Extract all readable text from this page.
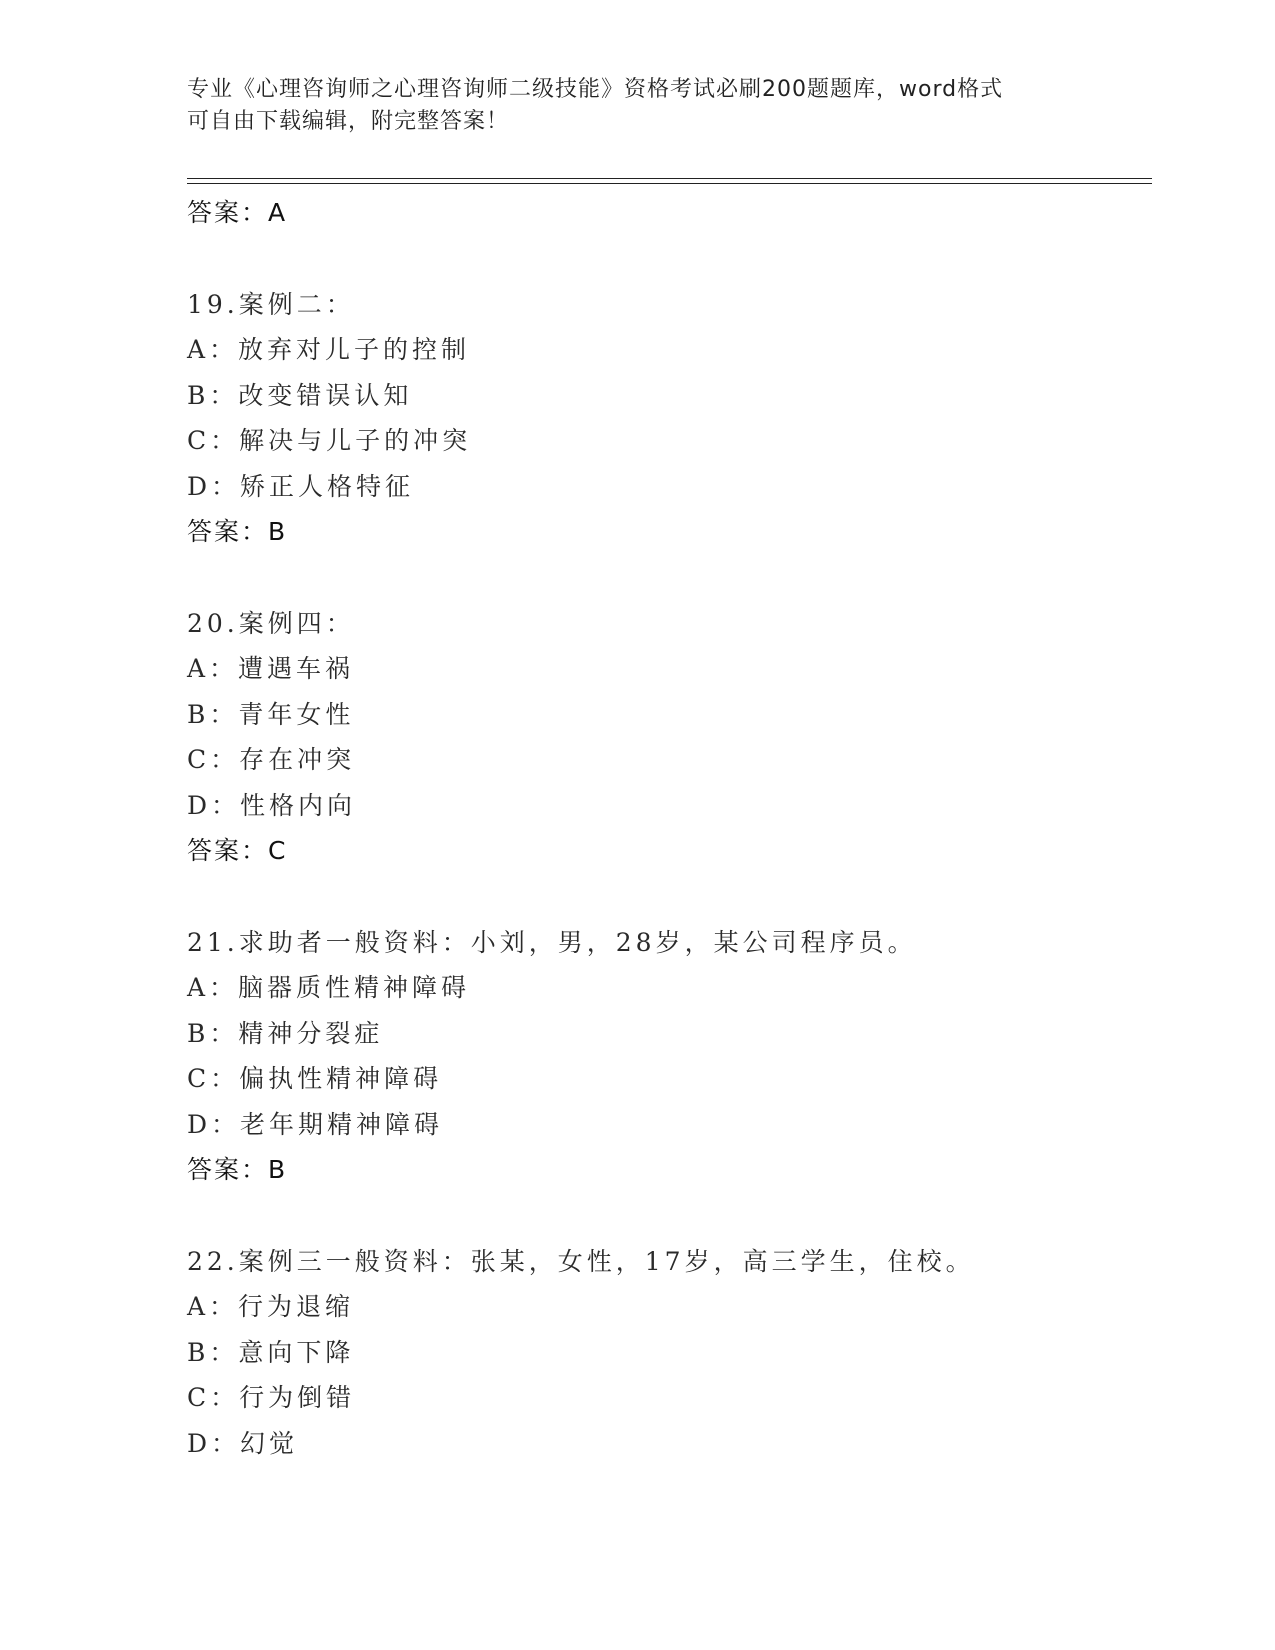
专业《心理咨询师之心理咨询师二级技能》资格考试必刷200题题库，word格式
可自由下载编辑，附完整答案！
答案：A
19.案例二：
A：放弃对儿子的控制
B：改变错误认知
C：解决与儿子的冲突
D：矫正人格特征
答案：B
20.案例四：
A：遭遇车祸
B：青年女性
C：存在冲突
D：性格内向
答案：C
21.求助者一般资料：小刘，男，28岁，某公司程序员。
A：脑器质性精神障碍
B：精神分裂症
C：偏执性精神障碍
D：老年期精神障碍
答案：B
22.案例三一般资料：张某，女性，17岁，高三学生，住校。
A：行为退缩
B：意向下降
C：行为倒错
D：幻觉
